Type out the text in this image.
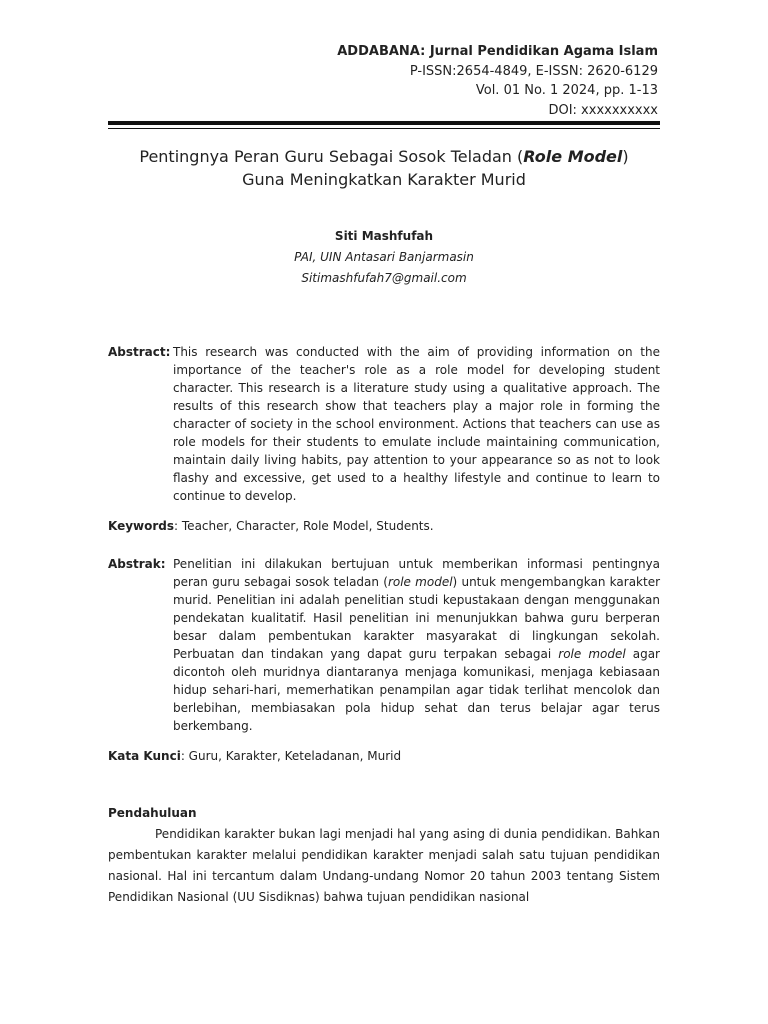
ADDABANA: Jurnal Pendidikan Agama Islam
P-ISSN:2654-4849, E-ISSN: 2620-6129
Vol. 01 No. 1 2024, pp. 1-13
DOI: xxxxxxxxxx
Pentingnya Peran Guru Sebagai Sosok Teladan (Role Model)
Guna Meningkatkan Karakter Murid
Siti Mashfufah
PAI, UIN Antasari Banjarmasin
Sitimashfufah7@gmail.com
Abstract: This research was conducted with the aim of providing information on the importance of the teacher's role as a role model for developing student character. This research is a literature study using a qualitative approach. The results of this research show that teachers play a major role in forming the character of society in the school environment. Actions that teachers can use as role models for their students to emulate include maintaining communication, maintain daily living habits, pay attention to your appearance so as not to look flashy and excessive, get used to a healthy lifestyle and continue to learn to continue to develop.
Keywords: Teacher, Character, Role Model, Students.
Abstrak: Penelitian ini dilakukan bertujuan untuk memberikan informasi pentingnya peran guru sebagai sosok teladan (role model) untuk mengembangkan karakter murid. Penelitian ini adalah penelitian studi kepustakaan dengan menggunakan pendekatan kualitatif. Hasil penelitian ini menunjukkan bahwa guru berperan besar dalam pembentukan karakter masyarakat di lingkungan sekolah. Perbuatan dan tindakan yang dapat guru terpakan sebagai role model agar dicontoh oleh muridnya diantaranya menjaga komunikasi, menjaga kebiasaan hidup sehari-hari, memerhatikan penampilan agar tidak terlihat mencolok dan berlebihan, membiasakan pola hidup sehat dan terus belajar agar terus berkembang.
Kata Kunci: Guru, Karakter, Keteladanan, Murid
Pendahuluan
Pendidikan karakter bukan lagi menjadi hal yang asing di dunia pendidikan. Bahkan pembentukan karakter melalui pendidikan karakter menjadi salah satu tujuan pendidikan nasional. Hal ini tercantum dalam Undang-undang Nomor 20 tahun 2003 tentang Sistem Pendidikan Nasional (UU Sisdiknas) bahwa tujuan pendidikan nasional
